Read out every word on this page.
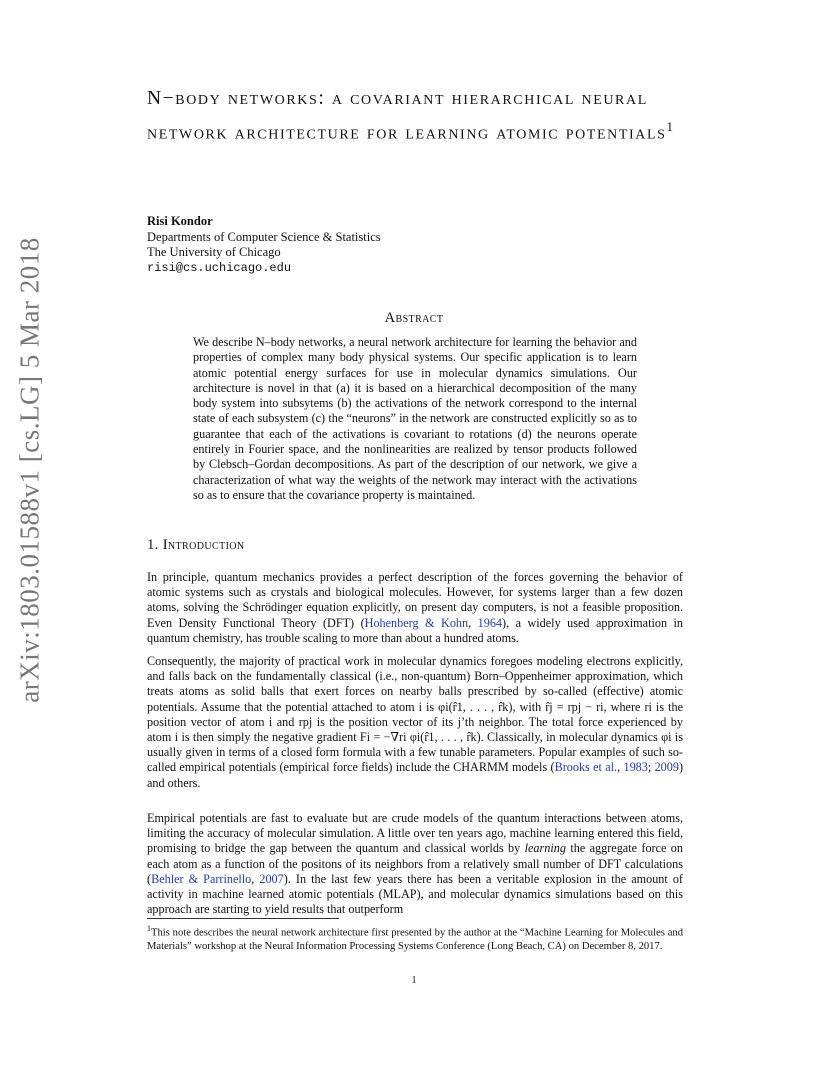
arXiv:1803.01588v1 [cs.LG] 5 Mar 2018
N−body networks: a covariant hierarchical neural network architecture for learning atomic potentials$^1$
Risi Kondor
Departments of Computer Science & Statistics
The University of Chicago
risi@cs.uchicago.edu
Abstract
We describe N–body networks, a neural network architecture for learning the behavior and properties of complex many body physical systems. Our specific application is to learn atomic potential energy surfaces for use in molecular dynamics simulations. Our architecture is novel in that (a) it is based on a hierarchical decomposition of the many body system into subsytems (b) the activations of the network correspond to the internal state of each subsystem (c) the “neurons” in the network are constructed explicitly so as to guarantee that each of the activations is covariant to rotations (d) the neurons operate entirely in Fourier space, and the nonlinearities are realized by tensor products followed by Clebsch–Gordan decompositions. As part of the description of our network, we give a characterization of what way the weights of the network may interact with the activations so as to ensure that the covariance property is maintained.
1. Introduction
In principle, quantum mechanics provides a perfect description of the forces governing the behavior of atomic systems such as crystals and biological molecules. However, for systems larger than a few dozen atoms, solving the Schrödinger equation explicitly, on present day computers, is not a feasible proposition. Even Density Functional Theory (DFT) (Hohenberg & Kohn, 1964), a widely used approximation in quantum chemistry, has trouble scaling to more than about a hundred atoms.
Consequently, the majority of practical work in molecular dynamics foregoes modeling electrons explicitly, and falls back on the fundamentally classical (i.e., non-quantum) Born–Oppenheimer approximation, which treats atoms as solid balls that exert forces on nearby balls prescribed by so-called (effective) atomic potentials. Assume that the potential attached to atom i is φi(r̂1, . . . , r̂k), with r̂j = rpj − ri, where ri is the position vector of atom i and rpj is the position vector of its j’th neighbor. The total force experienced by atom i is then simply the negative gradient Fi = −∇ri φi(r̂1, . . . , r̂k). Classically, in molecular dynamics φi is usually given in terms of a closed form formula with a few tunable parameters. Popular examples of such so-called empirical potentials (empirical force fields) include the CHARMM models (Brooks et al., 1983; 2009) and others.
Empirical potentials are fast to evaluate but are crude models of the quantum interactions between atoms, limiting the accuracy of molecular simulation. A little over ten years ago, machine learning entered this field, promising to bridge the gap between the quantum and classical worlds by learning the aggregate force on each atom as a function of the positons of its neighbors from a relatively small number of DFT calculations (Behler & Parrinello, 2007). In the last few years there has been a veritable explosion in the amount of activity in machine learned atomic potentials (MLAP), and molecular dynamics simulations based on this approach are starting to yield results that outperform
$^1$This note describes the neural network architecture first presented by the author at the “Machine Learning for Molecules and Materials” workshop at the Neural Information Processing Systems Conference (Long Beach, CA) on December 8, 2017.
1
